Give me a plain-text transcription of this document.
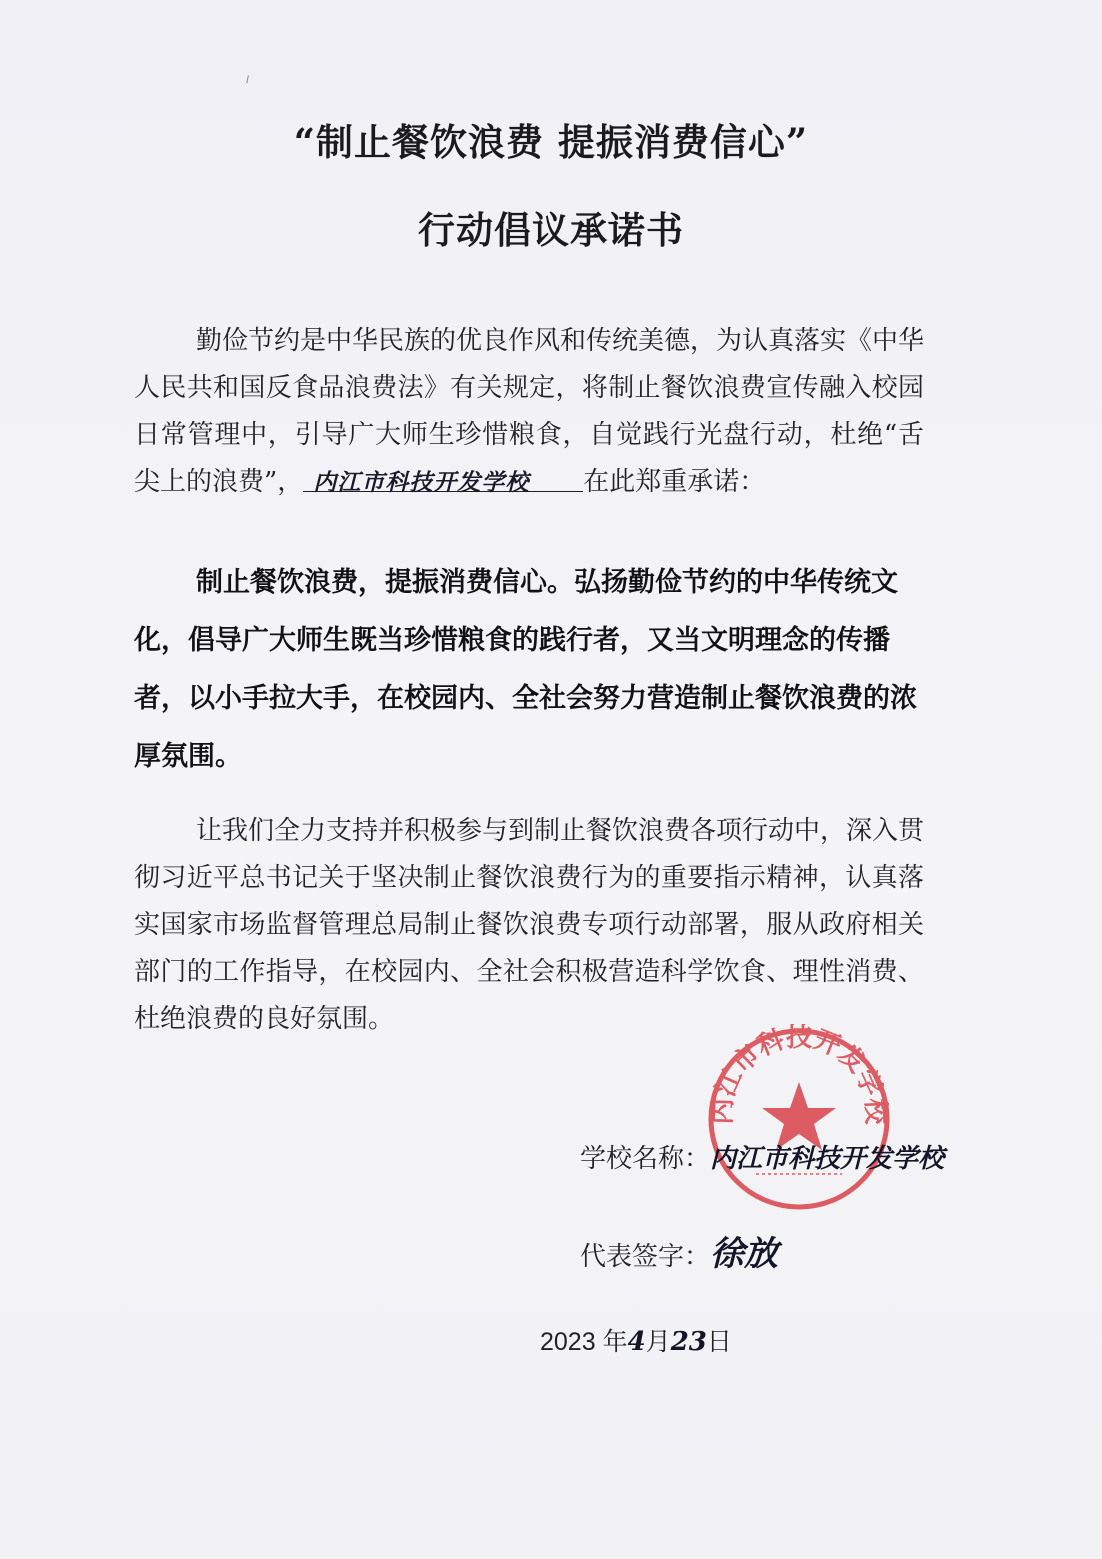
“制止餐饮浪费 提振消费信心”
行动倡议承诺书
勤俭节约是中华民族的优良作风和传统美德，为认真落实《中华人民共和国反食品浪费法》有关规定，将制止餐饮浪费宣传融入校园日常管理中，引导广大师生珍惜粮食，自觉践行光盘行动，杜绝“舌尖上的浪费”， 内江市科技开发学校 在此郑重承诺：
制止餐饮浪费，提振消费信心。弘扬勤俭节约的中华传统文化，倡导广大师生既当珍惜粮食的践行者，又当文明理念的传播者，以小手拉大手，在校园内、全社会努力营造制止餐饮浪费的浓厚氛围。
让我们全力支持并积极参与到制止餐饮浪费各项行动中，深入贯彻习近平总书记关于坚决制止餐饮浪费行为的重要指示精神，认真落实国家市场监督管理总局制止餐饮浪费专项行动部署，服从政府相关部门的工作指导，在校园内、全社会积极营造科学饮食、理性消费、杜绝浪费的良好氛围。
内江市科技开发学校
学校名称：内江市科技开发学校
代表签字：徐放
2023 年4月23日
